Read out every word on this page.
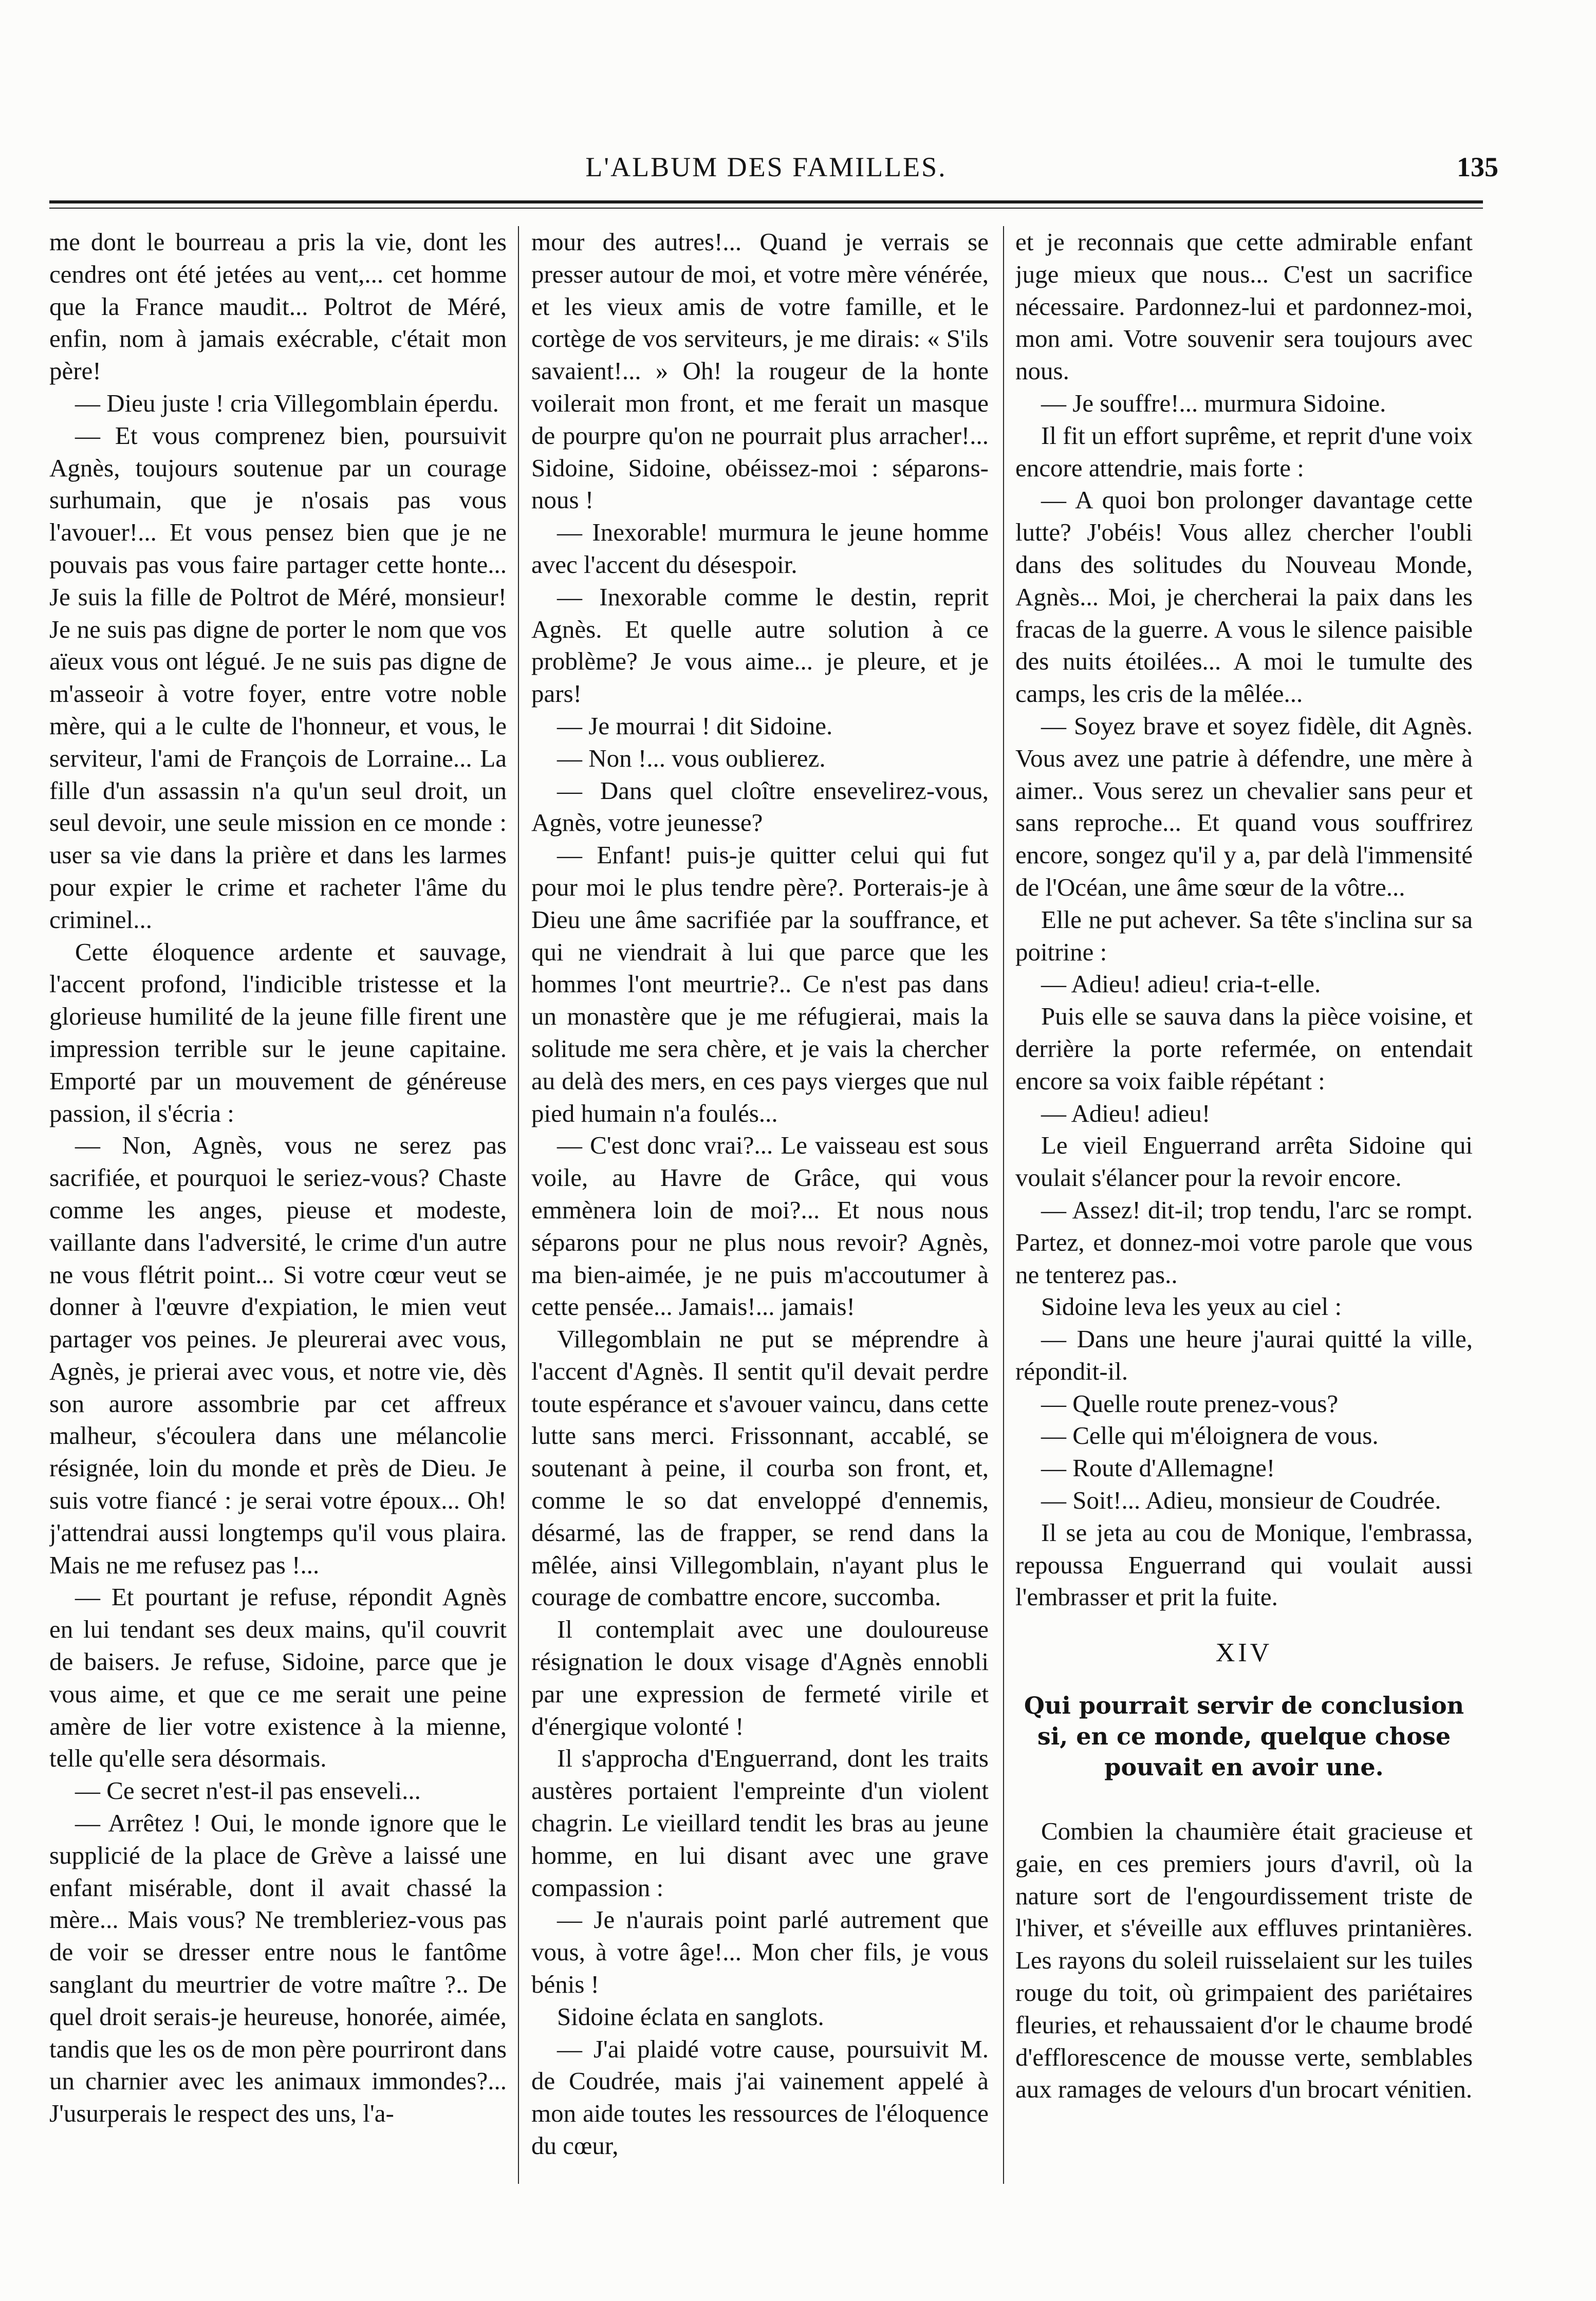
L'ALBUM DES FAMILLES.	135

me dont le bourreau a pris la vie, dont les cendres ont été jetées au vent,... cet homme que la France maudit... Poltrot de Méré, enfin, nom à jamais exécrable, c'était mon père!

— Dieu juste ! cria Villegomblain éperdu.

— Et vous comprenez bien, poursuivit Agnès, toujours soutenue par un courage surhumain, que je n'osais pas vous l'avouer!... Et vous pensez bien que je ne pouvais pas vous faire partager cette honte... Je suis la fille de Poltrot de Méré, monsieur! Je ne suis pas digne de porter le nom que vos aïeux vous ont légué. Je ne suis pas digne de m'asseoir à votre foyer, entre votre noble mère, qui a le culte de l'honneur, et vous, le serviteur, l'ami de François de Lorraine... La fille d'un assassin n'a qu'un seul droit, un seul devoir, une seule mission en ce monde : user sa vie dans la prière et dans les larmes pour expier le crime et racheter l'âme du criminel...

Cette éloquence ardente et sauvage, l'accent profond, l'indicible tristesse et la glorieuse humilité de la jeune fille firent une impression terrible sur le jeune capitaine. Emporté par un mouvement de généreuse passion, il s'écria :

— Non, Agnès, vous ne serez pas sacrifiée, et pourquoi le seriez-vous? Chaste comme les anges, pieuse et modeste, vaillante dans l'adversité, le crime d'un autre ne vous flétrit point... Si votre cœur veut se donner à l'œuvre d'expiation, le mien veut partager vos peines. Je pleurerai avec vous, Agnès, je prierai avec vous, et notre vie, dès son aurore assombrie par cet affreux malheur, s'écoulera dans une mélancolie résignée, loin du monde et près de Dieu. Je suis votre fiancé : je serai votre époux... Oh! j'attendrai aussi longtemps qu'il vous plaira. Mais ne me refusez pas !...

— Et pourtant je refuse, répondit Agnès en lui tendant ses deux mains, qu'il couvrit de baisers. Je refuse, Sidoine, parce que je vous aime, et que ce me serait une peine amère de lier votre existence à la mienne, telle qu'elle sera désormais.

— Ce secret n'est-il pas enseveli...

— Arrêtez ! Oui, le monde ignore que le supplicié de la place de Grève a laissé une enfant misérable, dont il avait chassé la mère... Mais vous? Ne trembleriez-vous pas de voir se dresser entre nous le fantôme sanglant du meurtrier de votre maître ?.. De quel droit serais-je heureuse, honorée, aimée, tandis que les os de mon père pourriront dans un charnier avec les animaux immondes?... J'usurperais le respect des uns, l'a-

mour des autres!... Quand je verrais se presser autour de moi, et votre mère vénérée, et les vieux amis de votre famille, et le cortège de vos serviteurs, je me dirais: « S'ils savaient!... » Oh! la rougeur de la honte voilerait mon front, et me ferait un masque de pourpre qu'on ne pourrait plus arracher!... Sidoine, Sidoine, obéissez-moi : séparons-nous !

— Inexorable! murmura le jeune homme avec l'accent du désespoir.

— Inexorable comme le destin, reprit Agnès. Et quelle autre solution à ce problème? Je vous aime... je pleure, et je pars!

— Je mourrai ! dit Sidoine.

— Non !... vous oublierez.

— Dans quel cloître ensevelirez-vous, Agnès, votre jeunesse?

— Enfant! puis-je quitter celui qui fut pour moi le plus tendre père?. Porterais-je à Dieu une âme sacrifiée par la souffrance, et qui ne viendrait à lui que parce que les hommes l'ont meurtrie?.. Ce n'est pas dans un monastère que je me réfugierai, mais la solitude me sera chère, et je vais la chercher au delà des mers, en ces pays vierges que nul pied humain n'a foulés...

— C'est donc vrai?... Le vaisseau est sous voile, au Havre de Grâce, qui vous emmènera loin de moi?... Et nous nous séparons pour ne plus nous revoir? Agnès, ma bien-aimée, je ne puis m'accoutumer à cette pensée... Jamais!... jamais!

Villegomblain ne put se méprendre à l'accent d'Agnès. Il sentit qu'il devait perdre toute espérance et s'avouer vaincu, dans cette lutte sans merci. Frissonnant, accablé, se soutenant à peine, il courba son front, et, comme le so dat enveloppé d'ennemis, désarmé, las de frapper, se rend dans la mêlée, ainsi Villegomblain, n'ayant plus le courage de combattre encore, succomba.

Il contemplait avec une douloureuse résignation le doux visage d'Agnès ennobli par une expression de fermeté virile et d'énergique volonté !

Il s'approcha d'Enguerrand, dont les traits austères portaient l'empreinte d'un violent chagrin. Le vieillard tendit les bras au jeune homme, en lui disant avec une grave compassion :

— Je n'aurais point parlé autrement que vous, à votre âge!... Mon cher fils, je vous bénis !

Sidoine éclata en sanglots.

— J'ai plaidé votre cause, poursuivit M. de Coudrée, mais j'ai vainement appelé à mon aide toutes les ressources de l'éloquence du cœur,

et je reconnais que cette admirable enfant juge mieux que nous... C'est un sacrifice nécessaire. Pardonnez-lui et pardonnez-moi, mon ami. Votre souvenir sera toujours avec nous.

— Je souffre!... murmura Sidoine.

Il fit un effort suprême, et reprit d'une voix encore attendrie, mais forte :

— A quoi bon prolonger davantage cette lutte? J'obéis! Vous allez chercher l'oubli dans des solitudes du Nouveau Monde, Agnès... Moi, je chercherai la paix dans les fracas de la guerre. A vous le silence paisible des nuits étoilées... A moi le tumulte des camps, les cris de la mêlée...

— Soyez brave et soyez fidèle, dit Agnès. Vous avez une patrie à défendre, une mère à aimer.. Vous serez un chevalier sans peur et sans reproche... Et quand vous souffrirez encore, songez qu'il y a, par delà l'immensité de l'Océan, une âme sœur de la vôtre...

Elle ne put achever. Sa tête s'inclina sur sa poitrine :

— Adieu! adieu! cria-t-elle.

Puis elle se sauva dans la pièce voisine, et derrière la porte refermée, on entendait encore sa voix faible répétant :

— Adieu! adieu!

Le vieil Enguerrand arrêta Sidoine qui voulait s'élancer pour la revoir encore.

— Assez! dit-il; trop tendu, l'arc se rompt. Partez, et donnez-moi votre parole que vous ne tenterez pas..

Sidoine leva les yeux au ciel :

— Dans une heure j'aurai quitté la ville, répondit-il.

— Quelle route prenez-vous?

— Celle qui m'éloignera de vous.

— Route d'Allemagne!

— Soit!... Adieu, monsieur de Coudrée.

Il se jeta au cou de Monique, l'embrassa, repoussa Enguerrand qui voulait aussi l'embrasser et prit la fuite.

XIV
Qui pourrait servir de conclusion si, en ce monde, quelque chose pouvait en avoir une.

Combien la chaumière était gracieuse et gaie, en ces premiers jours d'avril, où la nature sort de l'engourdissement triste de l'hiver, et s'éveille aux effluves printanières. Les rayons du soleil ruisselaient sur les tuiles rouge du toit, où grimpaient des pariétaires fleuries, et rehaussaient d'or le chaume brodé d'efflorescence de mousse verte, semblables aux ramages de velours d'un brocart vénitien.
